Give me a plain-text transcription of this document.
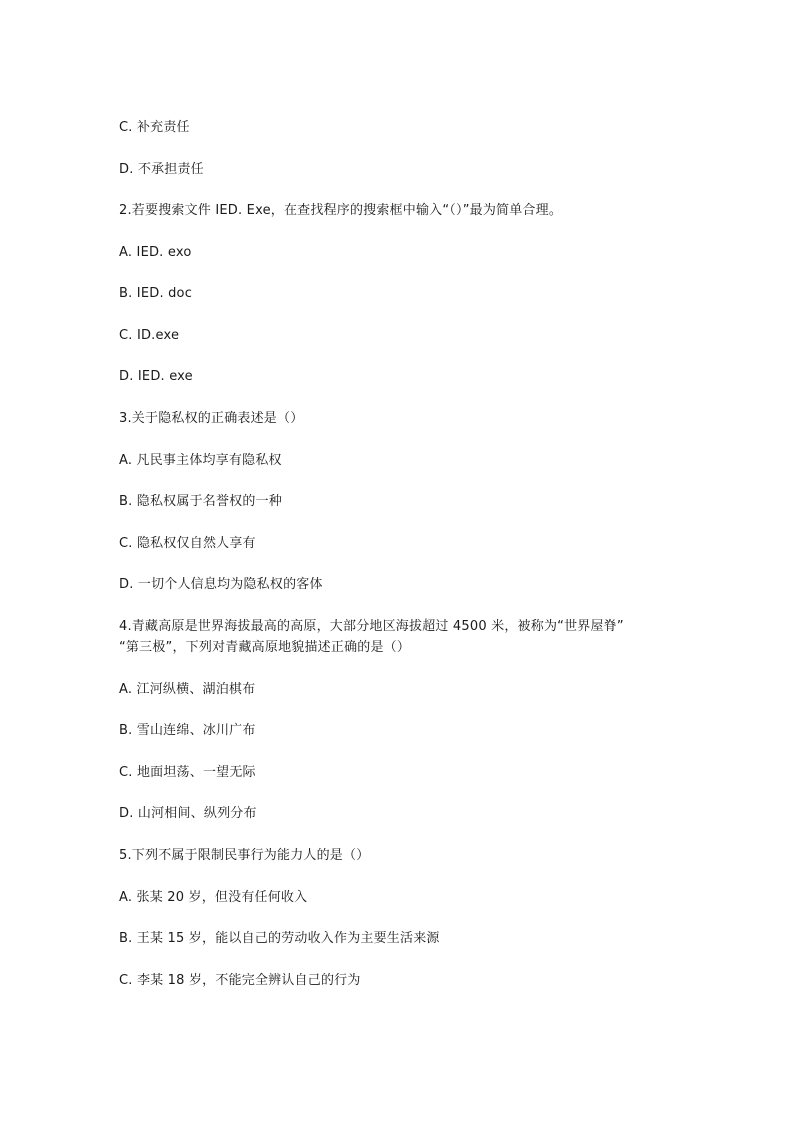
C. 补充责任
D. 不承担责任
2.若要搜索文件 IED. Exe，在查找程序的搜索框中输入“（）”最为简单合理。
A. IED. exo
B. IED. doc
C. ID.exe
D. IED. exe
3.关于隐私权的正确表述是（）
A. 凡民事主体均享有隐私权
B. 隐私权属于名誉权的一种
C. 隐私权仅自然人享有
D. 一切个人信息均为隐私权的客体
4.青藏高原是世界海拔最高的高原，大部分地区海拔超过 4500 米，被称为“世界屋脊”
“第三极”，下列对青藏高原地貌描述正确的是（）
A. 江河纵横、湖泊棋布
B. 雪山连绵、冰川广布
C. 地面坦荡、一望无际
D. 山河相间、纵列分布
5.下列不属于限制民事行为能力人的是（）
A. 张某 20 岁，但没有任何收入
B. 王某 15 岁，能以自己的劳动收入作为主要生活来源
C. 李某 18 岁，不能完全辨认自己的行为
